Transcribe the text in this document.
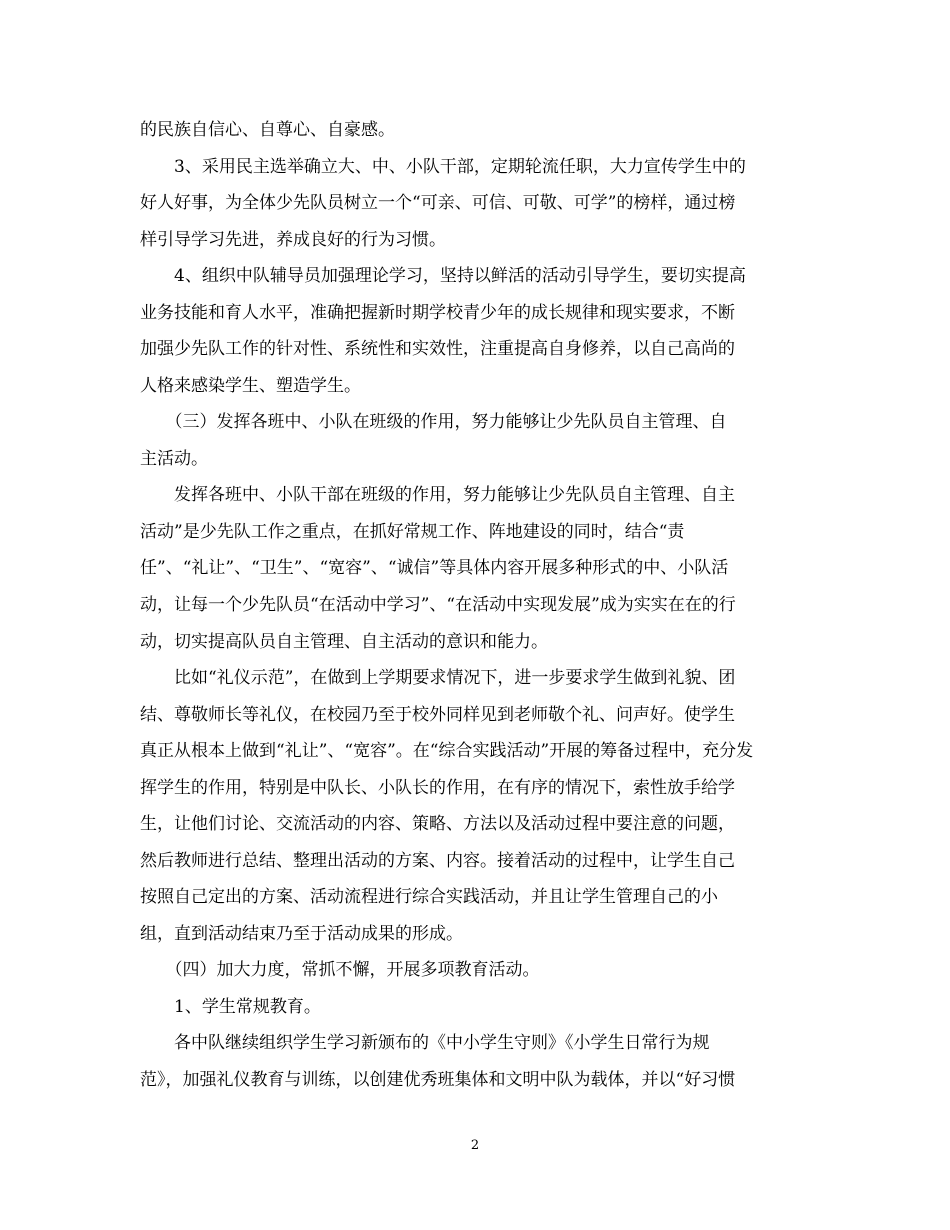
的民族自信心、自尊心、自豪感。
　　3、采用民主选举确立大、中、小队干部，定期轮流任职，大力宣传学生中的
好人好事，为全体少先队员树立一个“可亲、可信、可敬、可学”的榜样，通过榜
样引导学习先进，养成良好的行为习惯。
　　4、组织中队辅导员加强理论学习，坚持以鲜活的活动引导学生，要切实提高
业务技能和育人水平，准确把握新时期学校青少年的成长规律和现实要求，不断
加强少先队工作的针对性、系统性和实效性，注重提高自身修养，以自己高尚的
人格来感染学生、塑造学生。
　　（三）发挥各班中、小队在班级的作用，努力能够让少先队员自主管理、自
主活动。
　　发挥各班中、小队干部在班级的作用，努力能够让少先队员自主管理、自主
活动”是少先队工作之重点，在抓好常规工作、阵地建设的同时，结合“责
任”、“礼让”、“卫生”、“宽容”、“诚信”等具体内容开展多种形式的中、小队活
动，让每一个少先队员“在活动中学习”、“在活动中实现发展”成为实实在在的行
动，切实提高队员自主管理、自主活动的意识和能力。
　　比如“礼仪示范”，在做到上学期要求情况下，进一步要求学生做到礼貌、团
结、尊敬师长等礼仪，在校园乃至于校外同样见到老师敬个礼、问声好。使学生
真正从根本上做到“礼让”、“宽容”。在“综合实践活动”开展的筹备过程中，充分发
挥学生的作用，特别是中队长、小队长的作用，在有序的情况下，索性放手给学
生，让他们讨论、交流活动的内容、策略、方法以及活动过程中要注意的问题，
然后教师进行总结、整理出活动的方案、内容。接着活动的过程中，让学生自己
按照自己定出的方案、活动流程进行综合实践活动，并且让学生管理自己的小
组，直到活动结束乃至于活动成果的形成。
　　（四）加大力度，常抓不懈，开展多项教育活动。
　　1、学生常规教育。
　　各中队继续组织学生学习新颁布的《中小学生守则》《小学生日常行为规
范》，加强礼仪教育与训练，以创建优秀班集体和文明中队为载体，并以“好习惯
2
